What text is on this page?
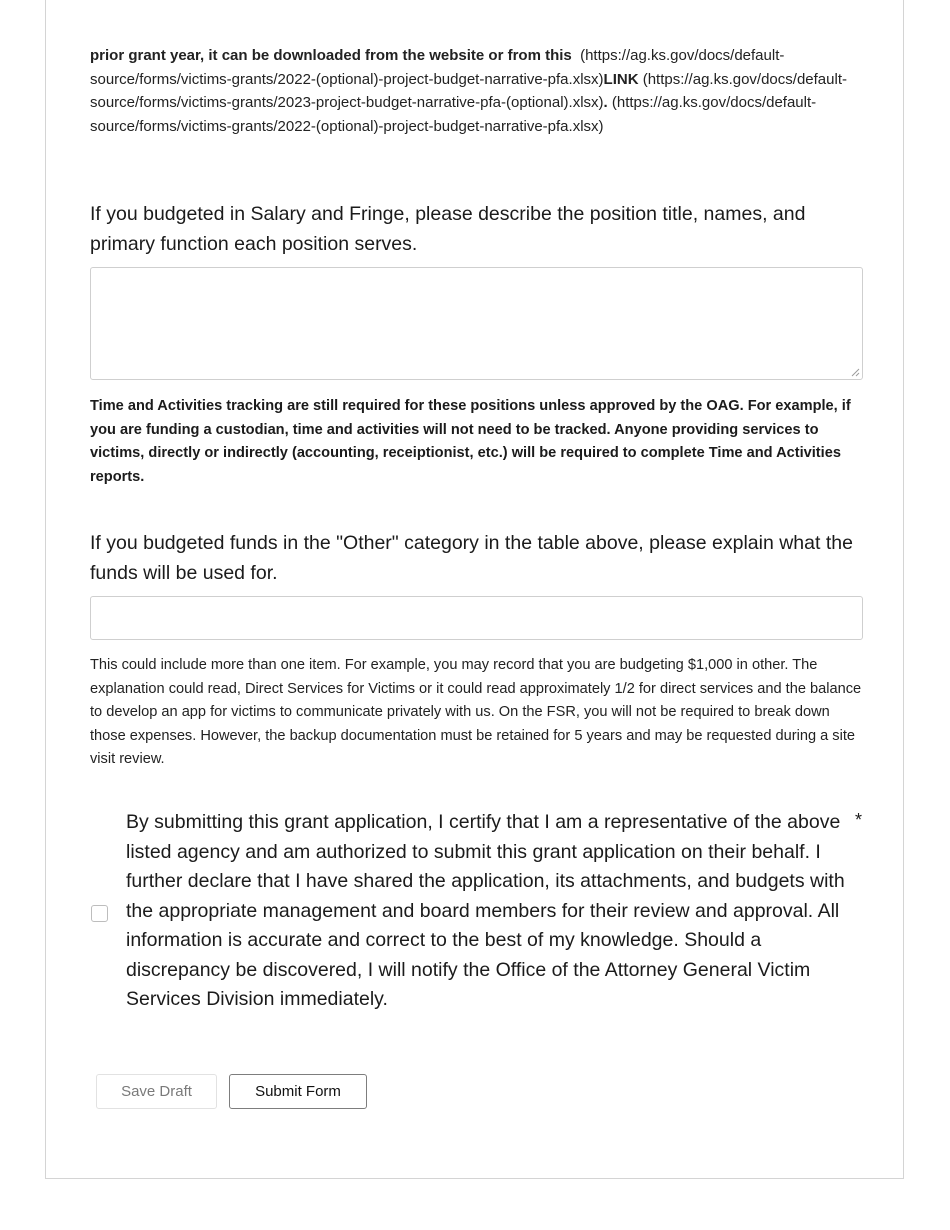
prior grant year, it can be downloaded from the website or from this (https://ag.ks.gov/docs/default-source/forms/victims-grants/2022-(optional)-project-budget-narrative-pfa.xlsx)LINK (https://ag.ks.gov/docs/default-source/forms/victims-grants/2023-project-budget-narrative-pfa-(optional).xlsx). (https://ag.ks.gov/docs/default-source/forms/victims-grants/2022-(optional)-project-budget-narrative-pfa.xlsx)

If you budgeted in Salary and Fringe, please describe the position title, names, and primary function each position serves.

Time and Activities tracking are still required for these positions unless approved by the OAG. For example, if you are funding a custodian, time and activities will not need to be tracked. Anyone providing services to victims, directly or indirectly (accounting, receiptionist, etc.) will be required to complete Time and Activities reports.

If you budgeted funds in the "Other" category in the table above, please explain what the funds will be used for.

This could include more than one item. For example, you may record that you are budgeting $1,000 in other. The explanation could read, Direct Services for Victims or it could read approximately 1/2 for direct services and the balance to develop an app for victims to communicate privately with us. On the FSR, you will not be required to break down those expenses. However, the backup documentation must be retained for 5 years and may be requested during a site visit review.
By submitting this grant application, I certify that I am a representative of the above listed agency and am authorized to submit this grant application on their behalf. I further declare that I have shared the application, its attachments, and budgets with the appropriate management and board members for their review and approval. All information is accurate and correct to the best of my knowledge. Should a discrepancy be discovered, I will notify the Office of the Attorney General Victim Services Division immediately.
*
Save Draft	Submit Form
